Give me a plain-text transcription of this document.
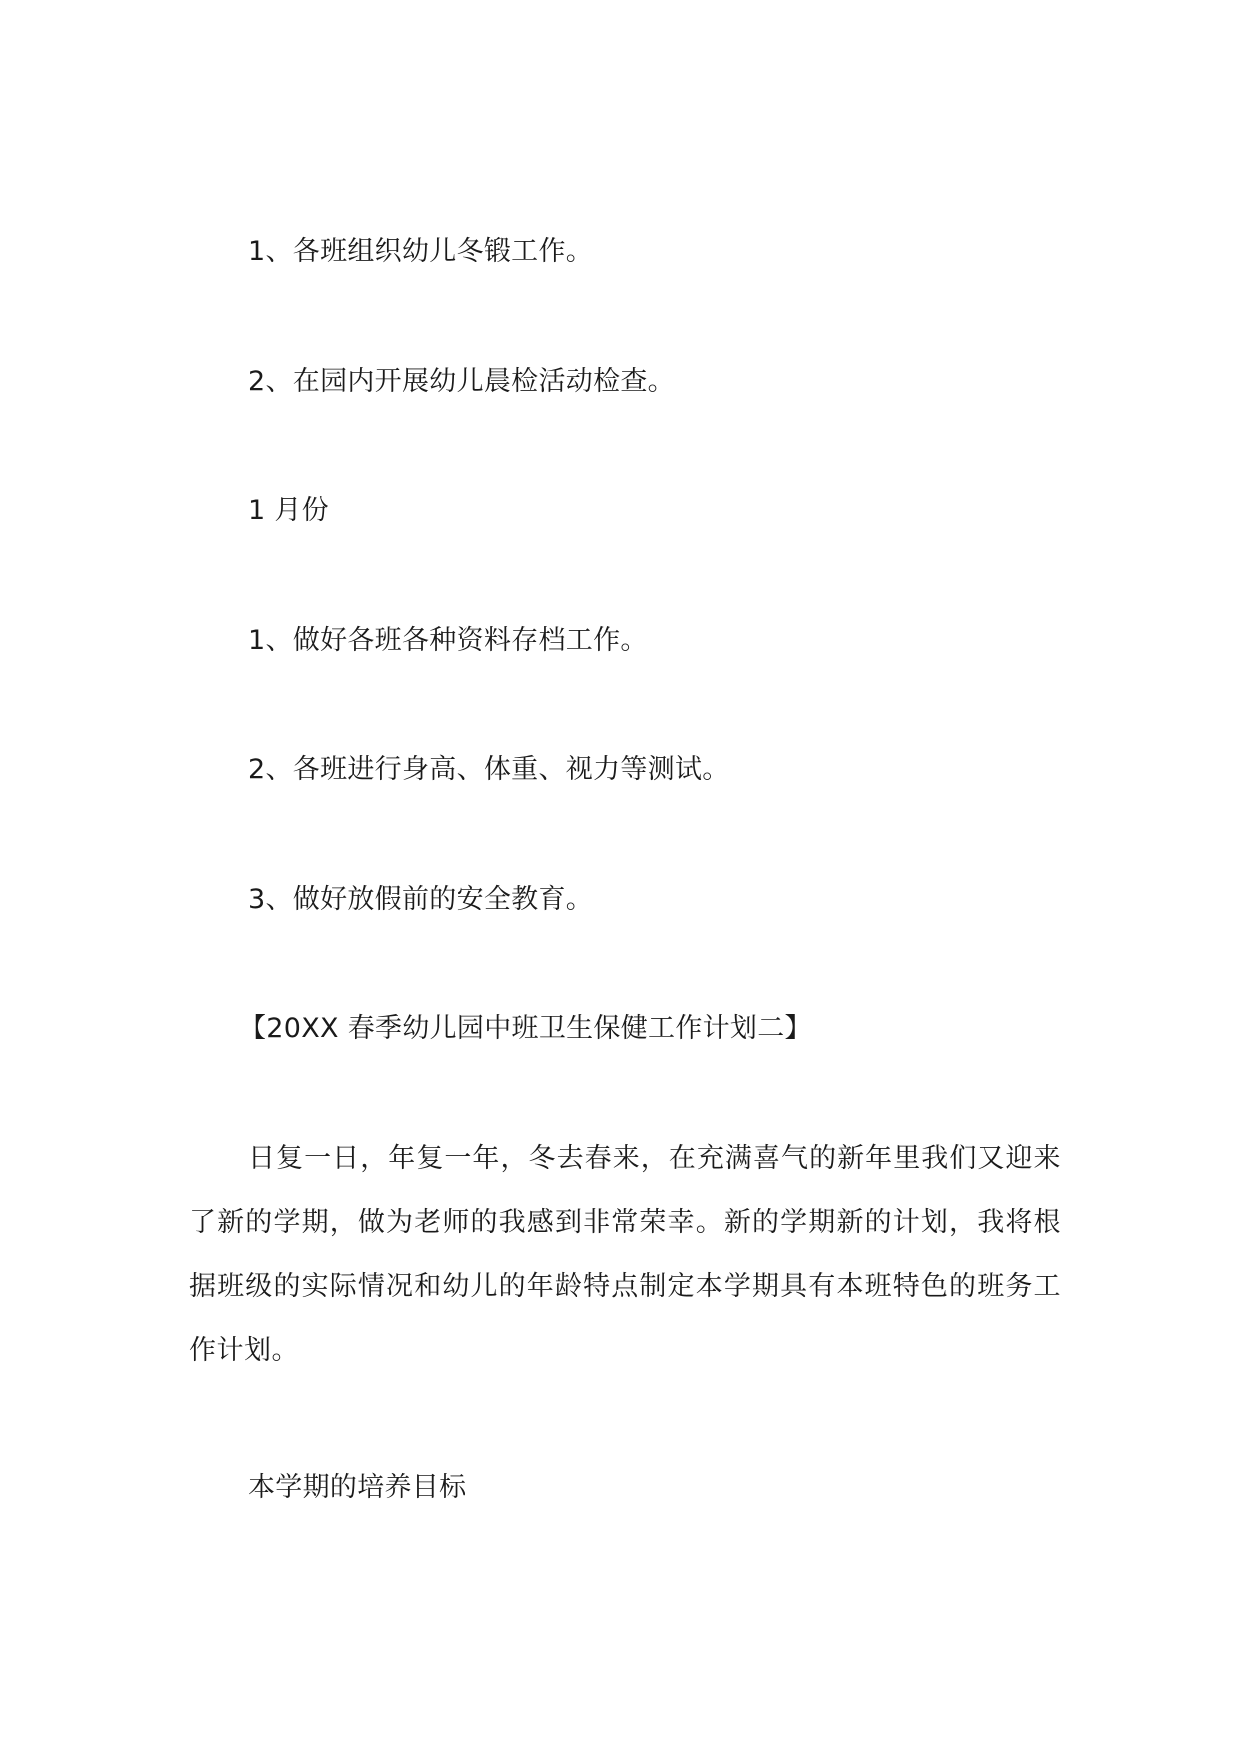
1、各班组织幼儿冬锻工作。
2、在园内开展幼儿晨检活动检查。
1 月份
1、做好各班各种资料存档工作。
2、各班进行身高、体重、视力等测试。
3、做好放假前的安全教育。
【20XX 春季幼儿园中班卫生保健工作计划二】
日复一日，年复一年，冬去春来，在充满喜气的新年里我们又迎来了新的学期，做为老师的我感到非常荣幸。新的学期新的计划，我将根据班级的实际情况和幼儿的年龄特点制定本学期具有本班特色的班务工作计划。
本学期的培养目标
